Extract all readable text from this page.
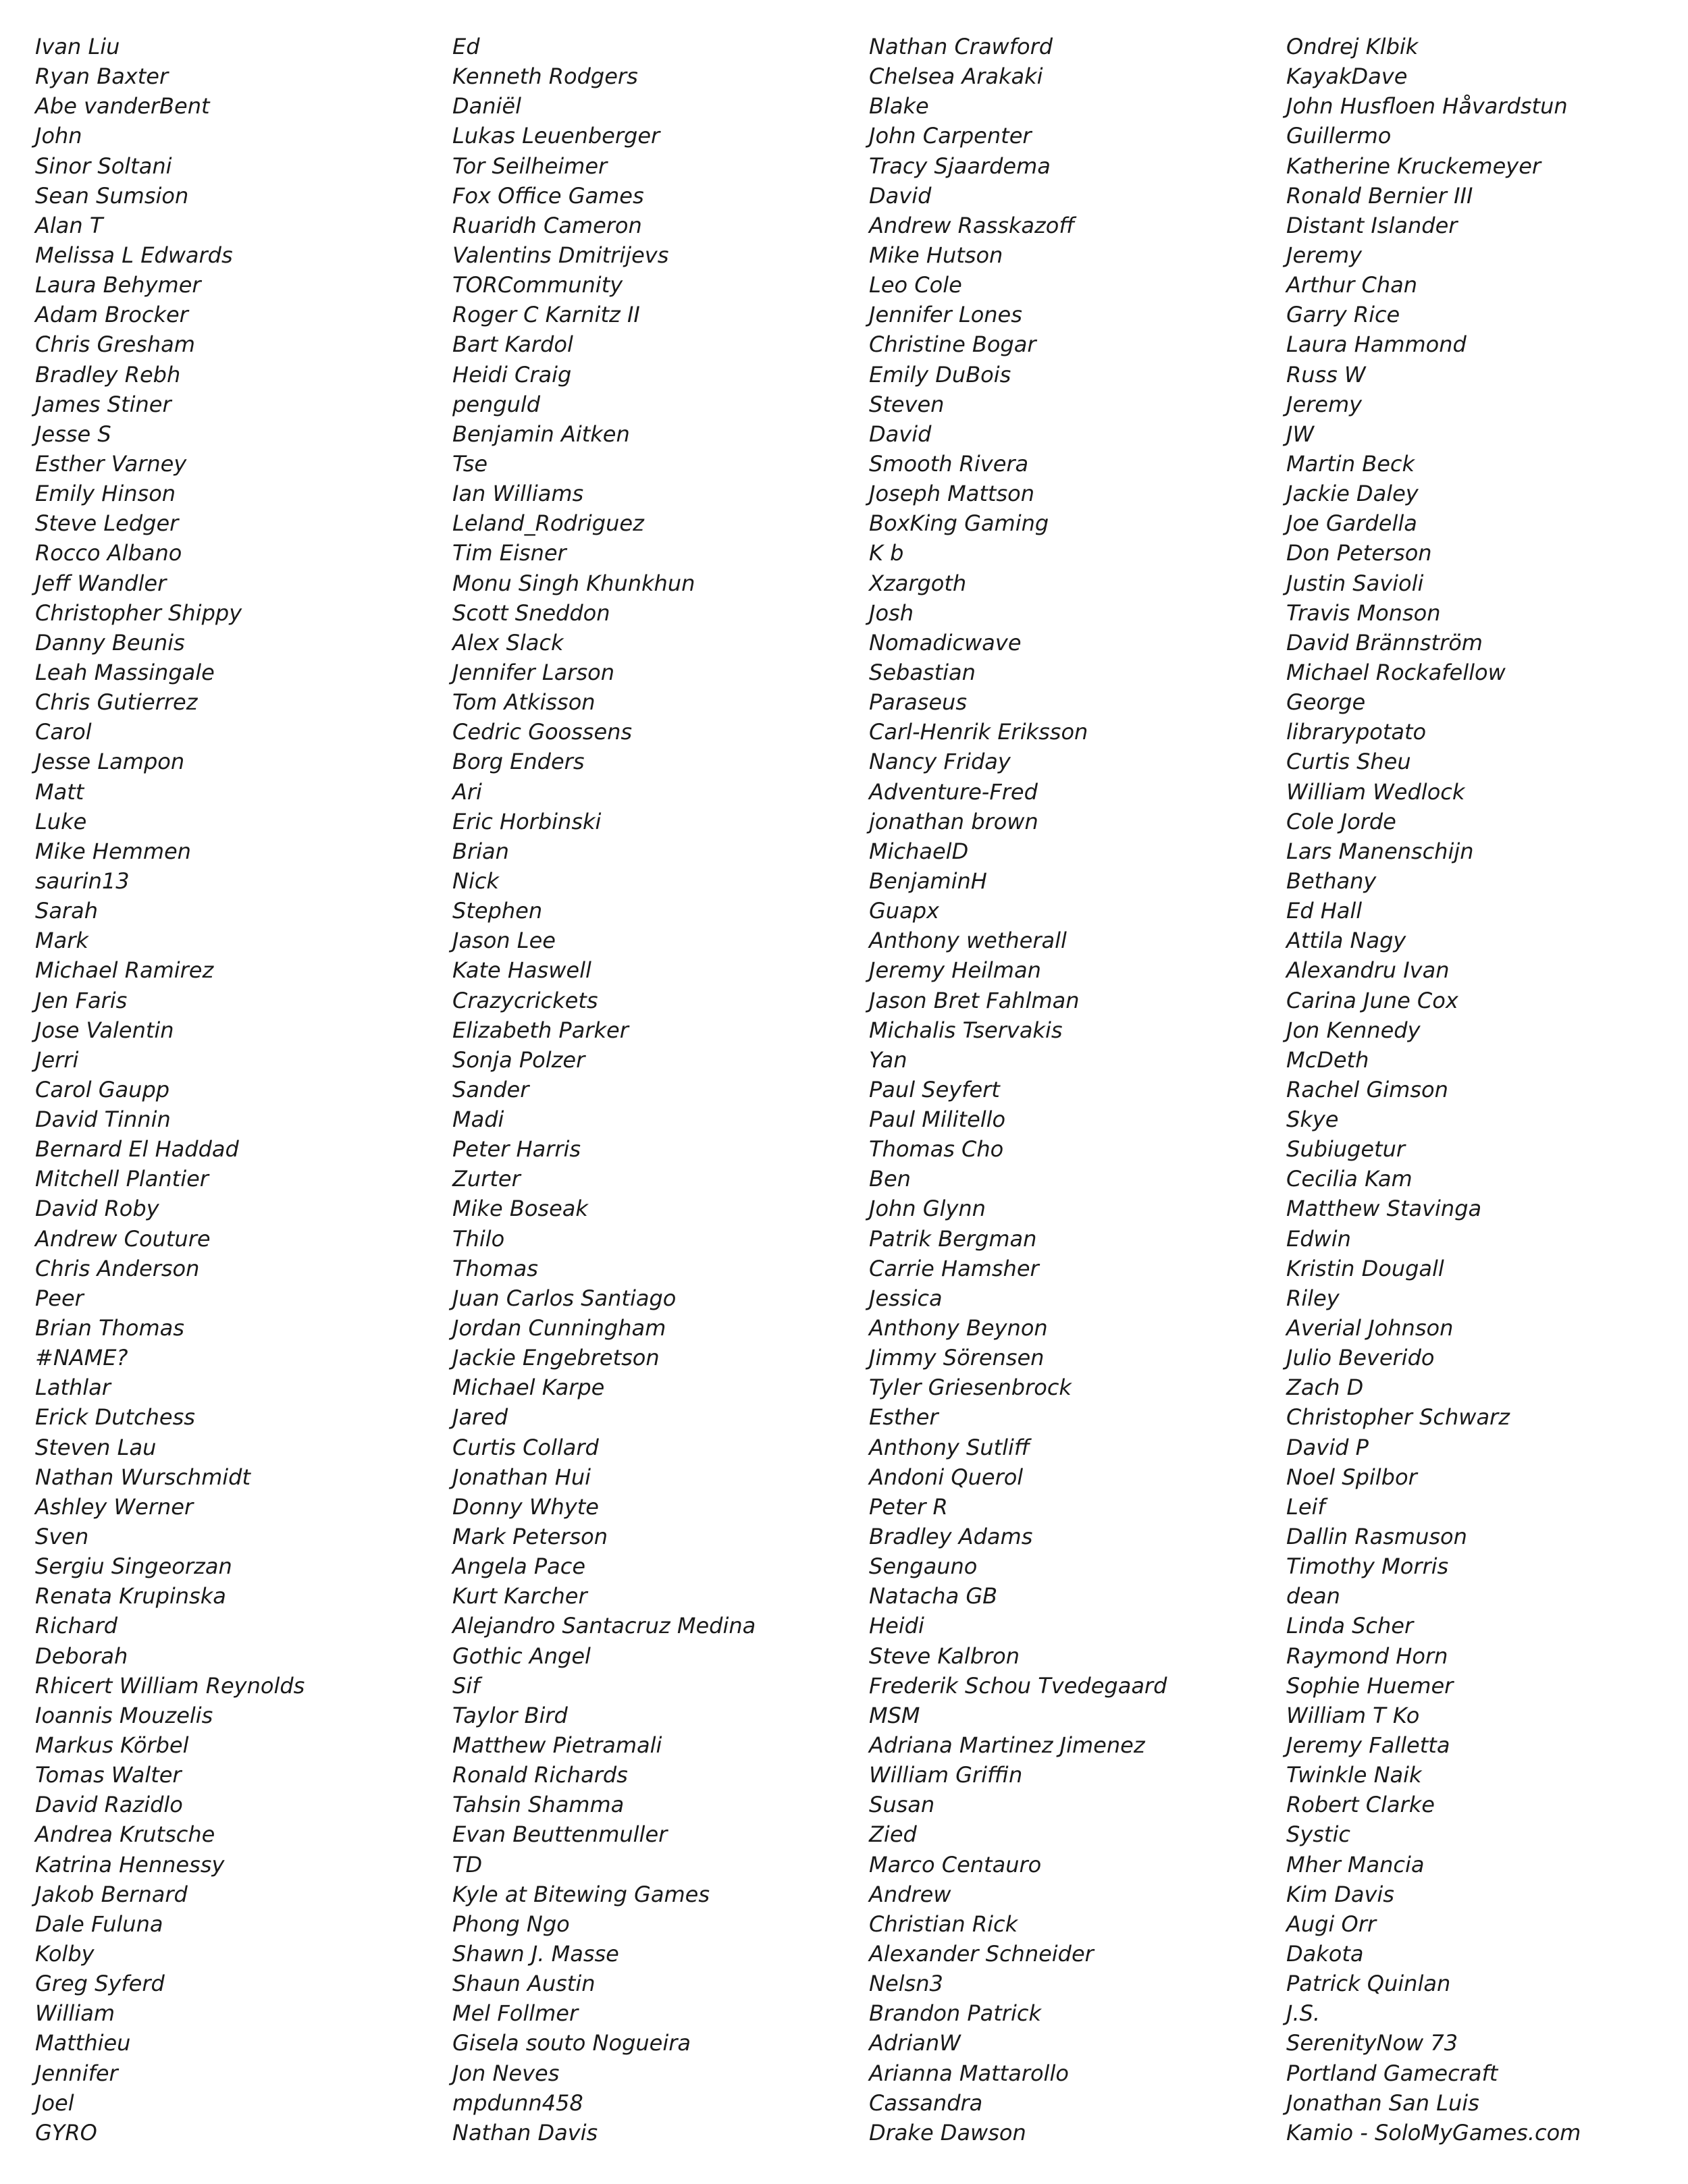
Ivan Liu
Ryan Baxter
Abe vanderBent
John
Sinor Soltani
Sean Sumsion
Alan T
Melissa L Edwards
Laura Behymer
Adam Brocker
Chris Gresham
Bradley Rebh
James Stiner
Jesse S
Esther Varney
Emily Hinson
Steve Ledger
Rocco Albano
Jeff Wandler
Christopher Shippy
Danny Beunis
Leah Massingale
Chris Gutierrez
Carol
Jesse Lampon
Matt
Luke
Mike Hemmen
saurin13
Sarah
Mark
Michael Ramirez
Jen Faris
Jose Valentin
Jerri
Carol Gaupp
David Tinnin
Bernard El Haddad
Mitchell Plantier
David Roby
Andrew Couture
Chris Anderson
Peer
Brian Thomas
#NAME?
Lathlar
Erick Dutchess
Steven Lau
Nathan Wurschmidt
Ashley Werner
Sven
Sergiu Singeorzan
Renata Krupinska
Richard
Deborah
Rhicert William Reynolds
Ioannis Mouzelis
Markus Körbel
Tomas Walter
David Razidlo
Andrea Krutsche
Katrina Hennessy
Jakob Bernard
Dale Fuluna
Kolby
Greg Syferd
William
Matthieu
Jennifer
Joel
GYRO
Ed
Kenneth Rodgers
Daniël
Lukas Leuenberger
Tor Seilheimer
Fox Office Games
Ruaridh Cameron
Valentins Dmitrijevs
TORCommunity
Roger C Karnitz II
Bart Kardol
Heidi Craig
penguld
Benjamin Aitken
Tse
Ian Williams
Leland_Rodriguez
Tim Eisner
Monu Singh Khunkhun
Scott Sneddon
Alex Slack
Jennifer Larson
Tom Atkisson
Cedric Goossens
Borg Enders
Ari
Eric Horbinski
Brian
Nick
Stephen
Jason Lee
Kate Haswell
Crazycrickets
Elizabeth Parker
Sonja Polzer
Sander
Madi
Peter Harris
Zurter
Mike Boseak
Thilo
Thomas
Juan Carlos Santiago
Jordan Cunningham
Jackie Engebretson
Michael Karpe
Jared
Curtis Collard
Jonathan Hui
Donny Whyte
Mark Peterson
Angela Pace
Kurt Karcher
Alejandro Santacruz Medina
Gothic Angel
Sif
Taylor Bird
Matthew Pietramali
Ronald Richards
Tahsin Shamma
Evan Beuttenmuller
TD
Kyle at Bitewing Games
Phong Ngo
Shawn J. Masse
Shaun Austin
Mel Follmer
Gisela souto Nogueira
Jon Neves
mpdunn458
Nathan Davis
Nathan Crawford
Chelsea Arakaki
Blake
John Carpenter
Tracy Sjaardema
David
Andrew Rasskazoff
Mike Hutson
Leo Cole
Jennifer Lones
Christine Bogar
Emily DuBois
Steven
David
Smooth Rivera
Joseph Mattson
BoxKing Gaming
K b
Xzargoth
Josh
Nomadicwave
Sebastian
Paraseus
Carl-Henrik Eriksson
Nancy Friday
Adventure-Fred
jonathan brown
MichaelD
BenjaminH
Guapx
Anthony wetherall
Jeremy Heilman
Jason Bret Fahlman
Michalis Tservakis
Yan
Paul Seyfert
Paul Militello
Thomas Cho
Ben
John Glynn
Patrik Bergman
Carrie Hamsher
Jessica
Anthony Beynon
Jimmy Sörensen
Tyler Griesenbrock
Esther
Anthony Sutliff
Andoni Querol
Peter R
Bradley Adams
Sengauno
Natacha GB
Heidi
Steve Kalbron
Frederik Schou Tvedegaard
MSM
Adriana Martinez Jimenez
William Griffin
Susan
Zied
Marco Centauro
Andrew
Christian Rick
Alexander Schneider
Nelsn3
Brandon Patrick
AdrianW
Arianna Mattarollo
Cassandra
Drake Dawson
Ondrej Klbik
KayakDave
John Husfloen Håvardstun
Guillermo
Katherine Kruckemeyer
Ronald Bernier III
Distant Islander
Jeremy
Arthur Chan
Garry Rice
Laura Hammond
Russ W
Jeremy
JW
Martin Beck
Jackie Daley
Joe Gardella
Don Peterson
Justin Savioli
Travis Monson
David Brännström
Michael Rockafellow
George
librarypotato
Curtis Sheu
William Wedlock
Cole Jorde
Lars Manenschijn
Bethany
Ed Hall
Attila Nagy
Alexandru Ivan
Carina June Cox
Jon Kennedy
McDeth
Rachel Gimson
Skye
Subiugetur
Cecilia Kam
Matthew Stavinga
Edwin
Kristin Dougall
Riley
Averial Johnson
Julio Beverido
Zach D
Christopher Schwarz
David P
Noel Spilbor
Leif
Dallin Rasmuson
Timothy Morris
dean
Linda Scher
Raymond Horn
Sophie Huemer
William T Ko
Jeremy Falletta
Twinkle Naik
Robert Clarke
Systic
Mher Mancia
Kim Davis
Augi Orr
Dakota
Patrick Quinlan
J.S.
SerenityNow 73
Portland Gamecraft
Jonathan San Luis
Kamio - SoloMyGames.com
